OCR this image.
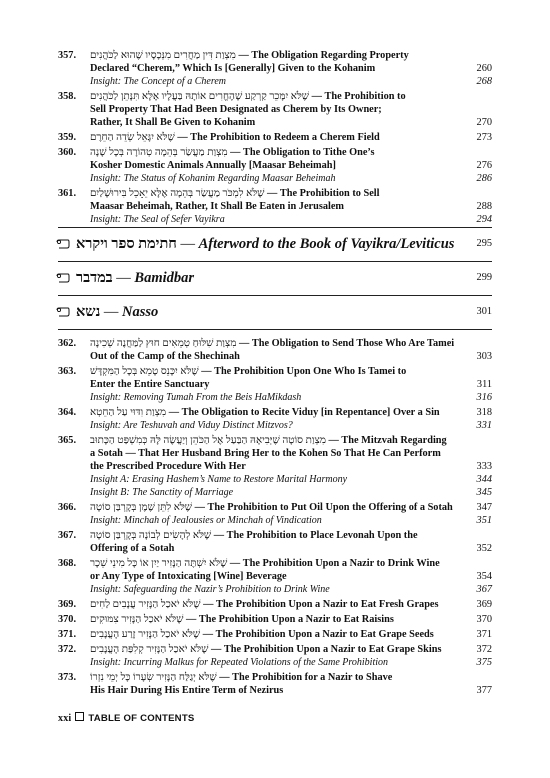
357.	מִצְוַת דִּין מַחֲרִים מִנְּכָסָיו שֶׁהוּא לַכֹּהֲנִים — The Obligation Regarding Property
Declared “Cherem,” Which Is [Generally] Given to the Kohanim	260
Insight: The Concept of a Cherem	268
358.	שֶׁלֹּא יִמָּכֵר קַרְקַע שֶׁהֶחֱרִים אוֹתָהּ בַּעֲלָיו אֶלָּא תִּנָּתֵן לַכֹּהֲנִים — The Prohibition to
Sell Property That Had Been Designated as Cherem by Its Owner;
Rather, It Shall Be Given to Kohanim	270
359.	שֶׁלֹּא יִגָּאֵל שְׂדֵה הַחֵרֶם — The Prohibition to Redeem a Cherem Field	273
360.	מִצְוַת מַעֲשַׂר בְּהֵמָה טְהוֹרָה בְּכָל שָׁנָה — The Obligation to Tithe One’s
Kosher Domestic Animals Annually [Maasar Beheimah]	276
Insight: The Status of Kohanim Regarding Maasar Beheimah	286
361.	שֶׁלֹּא לִמְכֹּר מַעֲשַׂר בְּהֵמָה אֶלָּא יֵאָכֵל בִּירוּשָׁלַיִם — The Prohibition to Sell
Maasar Beheimah, Rather, It Shall Be Eaten in Jerusalem	288
Insight: The Seal of Sefer Vayikra	294
חתימת ספר ויקרא — Afterword to the Book of Vayikra/Leviticus	295
במדבר — Bamidbar	299
נשא — Nasso	301
362.	מִצְוַת שִׁלּוּחַ טְמֵאִים חוּץ לַמַּחֲנֶה שְׁכִינָה — The Obligation to Send Those Who Are Tamei
Out of the Camp of the Shechinah	303
363.	שֶׁלֹּא יִכָּנֵס טָמֵא בְּכָל הַמִּקְדָּשׁ — The Prohibition Upon One Who Is Tamei to
Enter the Entire Sanctuary	311
Insight: Removing Tumah From the Beis HaMikdash	316
364.	מִצְוַת וִדּוּי עַל הַחֵטְא — The Obligation to Recite Viduy [in Repentance] Over a Sin	318
Insight: Are Teshuvah and Viduy Distinct Mitzvos?	331
365.	מִצְוַת סוֹטָה שֶׁיְּבִיאָהּ הַבַּעַל אֶל הַכֹּהֵן וְיַעֲשֶׂה לָּהּ כְּמִשְׁפַּט הַכָּתוּב — The Mitzvah Regarding
a Sotah — That Her Husband Bring Her to the Kohen So That He Can Perform
the Prescribed Procedure With Her	333
Insight A: Erasing Hashem’s Name to Restore Marital Harmony	344
Insight B: The Sanctity of Marriage	345
366.	שֶׁלֹּא לִתֵּן שֶׁמֶן בְּקָרְבַּן סוֹטָה — The Prohibition to Put Oil Upon the Offering of a Sotah 347
Insight: Minchah of Jealousies or Minchah of Vindication	351
367.	שֶׁלֹּא לְהָשִׂים לְבוֹנָה בְּקָרְבַּן סוֹטָה — The Prohibition to Place Levonah Upon the
Offering of a Sotah	352
368.	שֶׁלֹּא יִשְׁתֶּה הַנָּזִיר יַיִן אוֹ כָּל מִינֵי שֵׁכָר — The Prohibition Upon a Nazir to Drink Wine
or Any Type of Intoxicating [Wine] Beverage	354
Insight: Safeguarding the Nazir’s Prohibition to Drink Wine	367
369.	שֶׁלֹּא יֹאכַל הַנָּזִיר עֲנָבִים לַחִים — The Prohibition Upon a Nazir to Eat Fresh Grapes	369
370.	שֶׁלֹּא יֹאכַל הַנָּזִיר צִמּוּקִים — The Prohibition Upon a Nazir to Eat Raisins	370
371.	שֶׁלֹּא יֹאכַל הַנָּזִיר זֶרַע הָעֲנָבִים — The Prohibition Upon a Nazir to Eat Grape Seeds	371
372.	שֶׁלֹּא יֹאכַל הַנָּזִיר קְלִפַּת הָעֲנָבִים — The Prohibition Upon a Nazir to Eat Grape Skins	372
Insight: Incurring Malkus for Repeated Violations of the Same Prohibition	375
373.	שֶׁלֹּא יְגַלַּח הַנָּזִיר שְׂעָרוֹ כָּל יְמֵי נִזְרוֹ — The Prohibition for a Nazir to Shave
His Hair During His Entire Term of Nezirus	377
xxi TABLE OF CONTENTS
